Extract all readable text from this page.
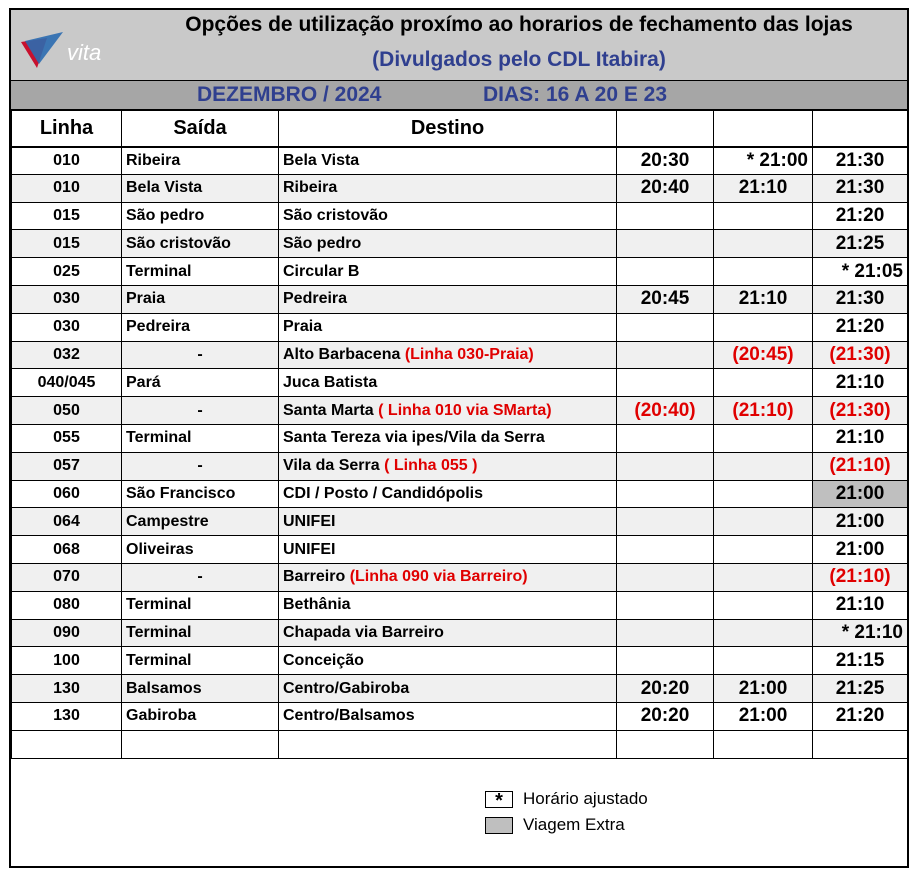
vita
Opções de utilização proxímo ao horarios de fechamento das lojas
(Divulgados pelo CDL Itabira)
DEZEMBRO / 2024	DIAS: 16 A 20 E 23
Linha	Saída	Destino			
010	Ribeira	Bela Vista	20:30	* 21:00	21:30
010	Bela Vista	Ribeira	20:40	21:10	21:30
015	São pedro	São cristovão			21:20
015	São cristovão	São pedro			21:25
025	Terminal	Circular B			* 21:05
030	Praia	Pedreira	20:45	21:10	21:30
030	Pedreira	Praia			21:20
032	-	Alto Barbacena (Linha 030-Praia)		(20:45)	(21:30)
040/045	Pará	Juca Batista			21:10
050	-	Santa Marta ( Linha 010 via SMarta)	(20:40)	(21:10)	(21:30)
055	Terminal	Santa Tereza via ipes/Vila da Serra			21:10
057	-	Vila da Serra ( Linha 055 )			(21:10)
060	São Francisco	CDI / Posto / Candidópolis			21:00
064	Campestre	UNIFEI			21:00
068	Oliveiras	UNIFEI			21:00
070	-	Barreiro (Linha 090 via Barreiro)			(21:10)
080	Terminal	Bethânia			21:10
090	Terminal	Chapada via Barreiro			* 21:10
100	Terminal	Conceição			21:15
130	Balsamos	Centro/Gabiroba	20:20	21:00	21:25
130	Gabiroba	Centro/Balsamos	20:20	21:00	21:20

*	Horário ajustado
Viagem Extra
